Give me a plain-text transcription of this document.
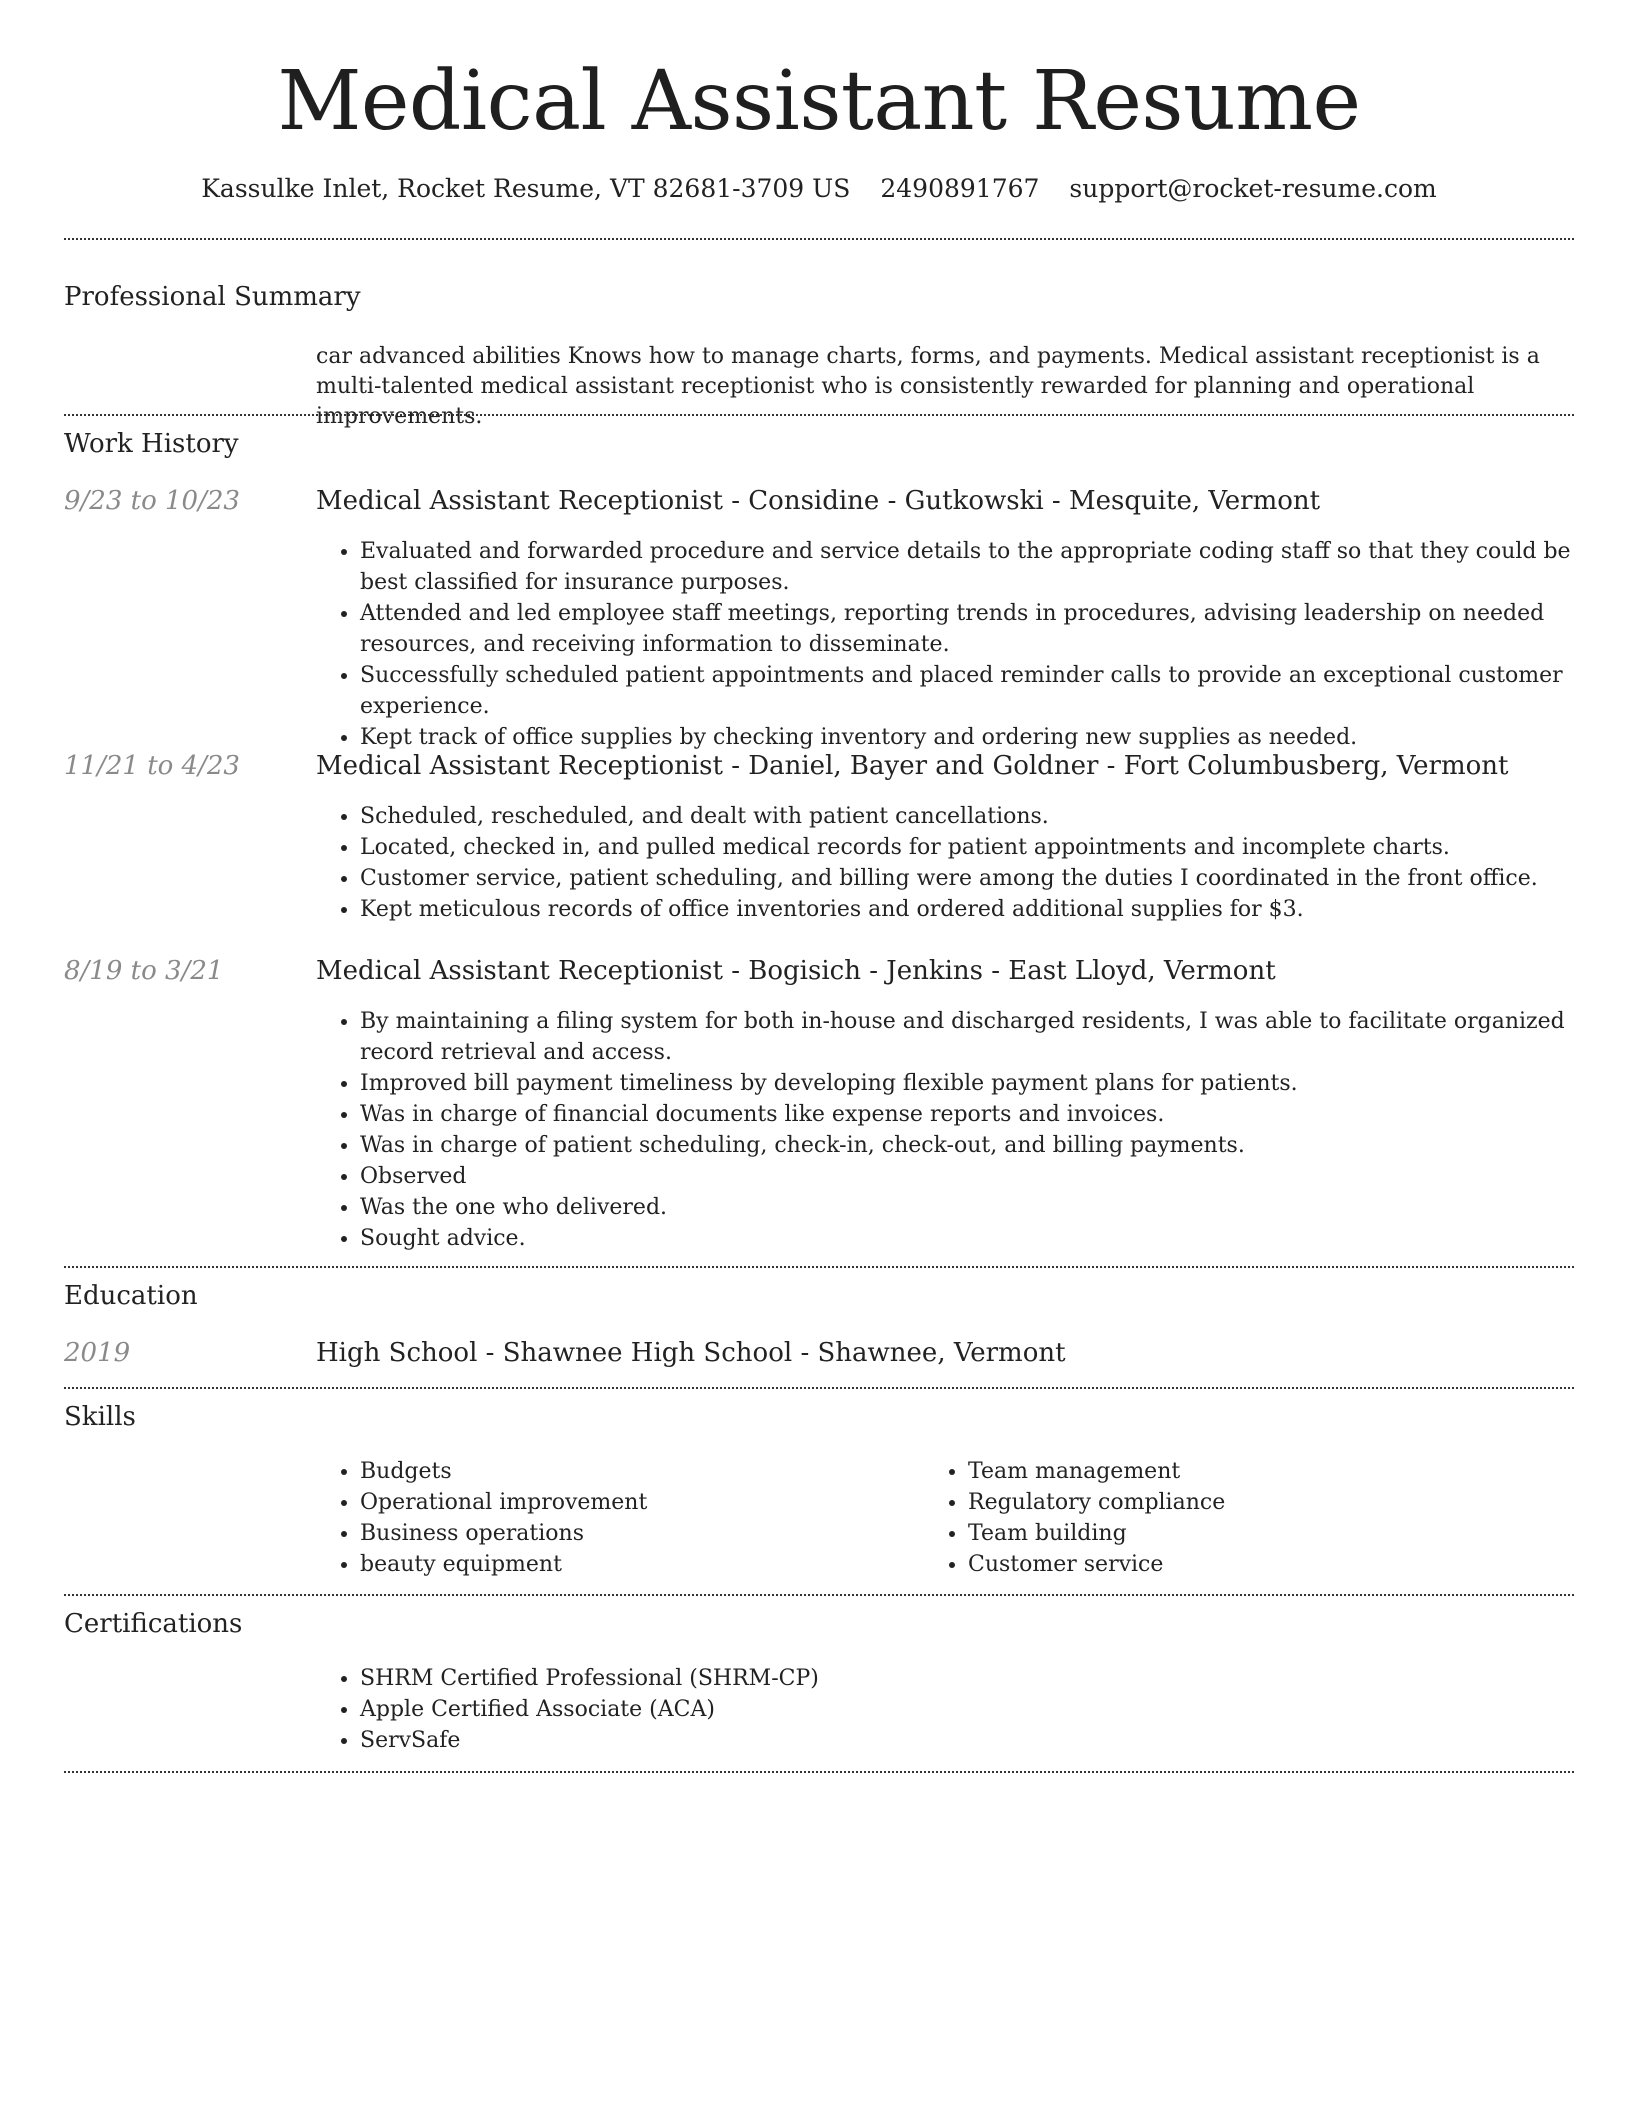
Medical Assistant Resume
Kassulke Inlet, Rocket Resume, VT 82681-3709 US 2490891767 support@rocket-resume.com
Professional Summary
car advanced abilities Knows how to manage charts, forms, and payments. Medical assistant receptionist is a multi-talented medical assistant receptionist who is consistently rewarded for planning and operational improvements.
Work History
9/23 to 10/23	Medical Assistant Receptionist - Considine - Gutkowski - Mesquite, Vermont
• Evaluated and forwarded procedure and service details to the appropriate coding staff so that they could be best classified for insurance purposes.
• Attended and led employee staff meetings, reporting trends in procedures, advising leadership on needed resources, and receiving information to disseminate.
• Successfully scheduled patient appointments and placed reminder calls to provide an exceptional customer experience.
• Kept track of office supplies by checking inventory and ordering new supplies as needed.
11/21 to 4/23	Medical Assistant Receptionist - Daniel, Bayer and Goldner - Fort Columbusberg, Vermont
• Scheduled, rescheduled, and dealt with patient cancellations.
• Located, checked in, and pulled medical records for patient appointments and incomplete charts.
• Customer service, patient scheduling, and billing were among the duties I coordinated in the front office.
• Kept meticulous records of office inventories and ordered additional supplies for $3.
8/19 to 3/21	Medical Assistant Receptionist - Bogisich - Jenkins - East Lloyd, Vermont
• By maintaining a filing system for both in-house and discharged residents, I was able to facilitate organized record retrieval and access.
• Improved bill payment timeliness by developing flexible payment plans for patients.
• Was in charge of financial documents like expense reports and invoices.
• Was in charge of patient scheduling, check-in, check-out, and billing payments.
• Observed
• Was the one who delivered.
• Sought advice.
Education
2019	High School - Shawnee High School - Shawnee, Vermont
Skills
• Budgets
• Operational improvement
• Business operations
• beauty equipment
• Team management
• Regulatory compliance
• Team building
• Customer service
Certifications
• SHRM Certified Professional (SHRM-CP)
• Apple Certified Associate (ACA)
• ServSafe
